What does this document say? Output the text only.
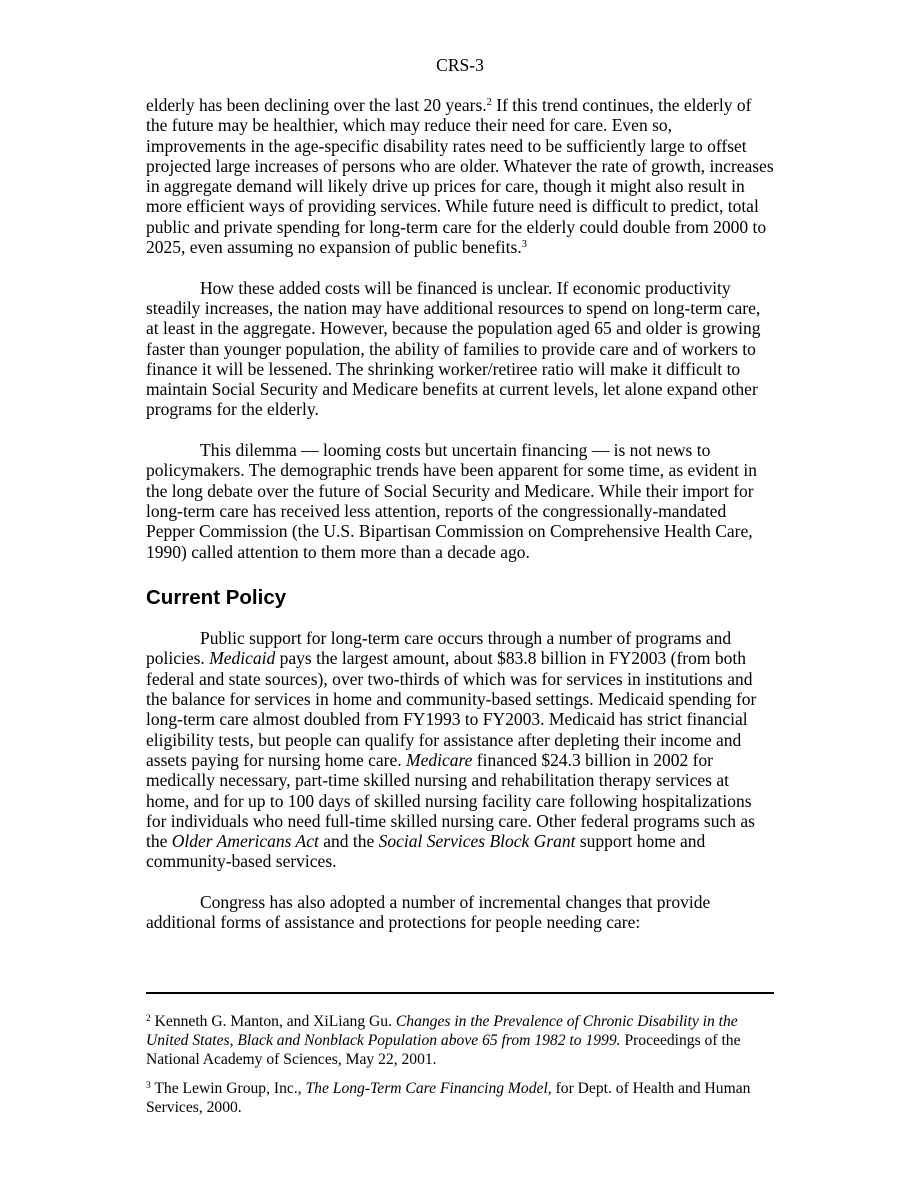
CRS-3

elderly has been declining over the last 20 years.$^2$ If this trend continues, the elderly of the future may be healthier, which may reduce their need for care. Even so, improvements in the age-specific disability rates need to be sufficiently large to offset projected large increases of persons who are older. Whatever the rate of growth, increases in aggregate demand will likely drive up prices for care, though it might also result in more efficient ways of providing services. While future need is difficult to predict, total public and private spending for long-term care for the elderly could double from 2000 to 2025, even assuming no expansion of public benefits.$^3$

How these added costs will be financed is unclear. If economic productivity steadily increases, the nation may have additional resources to spend on long-term care, at least in the aggregate. However, because the population aged 65 and older is growing faster than younger population, the ability of families to provide care and of workers to finance it will be lessened. The shrinking worker/retiree ratio will make it difficult to maintain Social Security and Medicare benefits at current levels, let alone expand other programs for the elderly.

This dilemma — looming costs but uncertain financing — is not news to policymakers. The demographic trends have been apparent for some time, as evident in the long debate over the future of Social Security and Medicare. While their import for long-term care has received less attention, reports of the congressionally-mandated Pepper Commission (the U.S. Bipartisan Commission on Comprehensive Health Care, 1990) called attention to them more than a decade ago.

Current Policy

Public support for long-term care occurs through a number of programs and policies. Medicaid pays the largest amount, about $83.8 billion in FY2003 (from both federal and state sources), over two-thirds of which was for services in institutions and the balance for services in home and community-based settings. Medicaid spending for long-term care almost doubled from FY1993 to FY2003. Medicaid has strict financial eligibility tests, but people can qualify for assistance after depleting their income and assets paying for nursing home care. Medicare financed $24.3 billion in 2002 for medically necessary, part-time skilled nursing and rehabilitation therapy services at home, and for up to 100 days of skilled nursing facility care following hospitalizations for individuals who need full-time skilled nursing care. Other federal programs such as the Older Americans Act and the Social Services Block Grant support home and community-based services.

Congress has also adopted a number of incremental changes that provide additional forms of assistance and protections for people needing care:

$^2$ Kenneth G. Manton, and XiLiang Gu. Changes in the Prevalence of Chronic Disability in the United States, Black and Nonblack Population above 65 from 1982 to 1999. Proceedings of the National Academy of Sciences, May 22, 2001.

$^3$ The Lewin Group, Inc., The Long-Term Care Financing Model, for Dept. of Health and Human Services, 2000.
